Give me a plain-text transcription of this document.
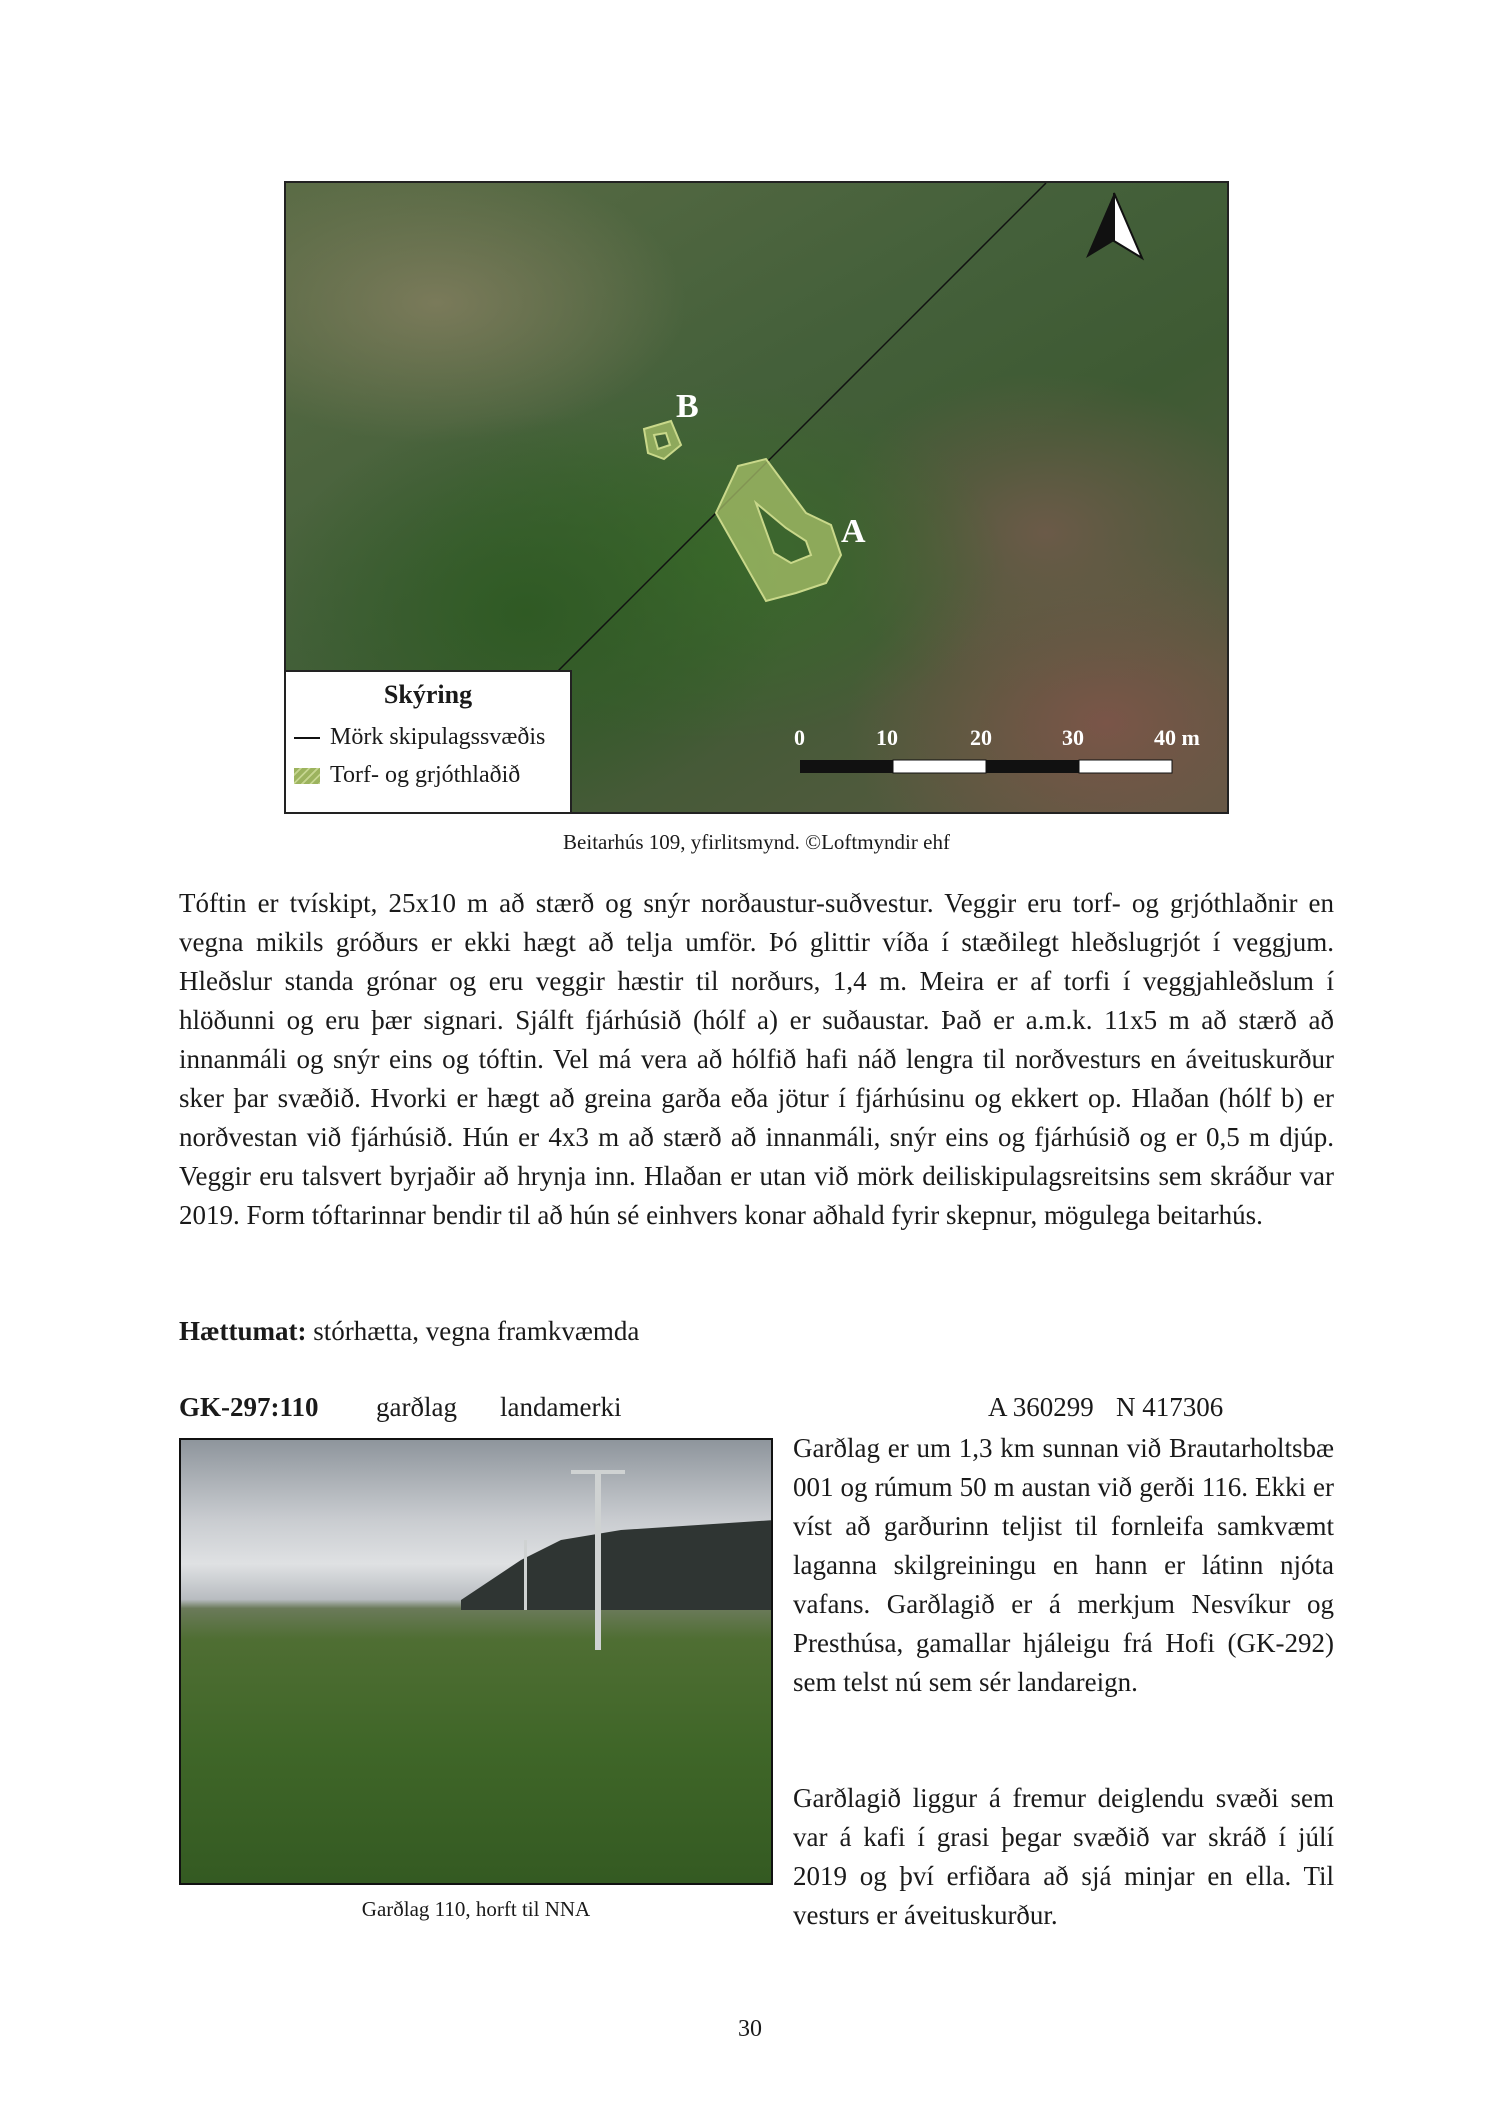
B
A
0	10	20	30	40 m
Skýring
Mörk skipulagssvæðis
Torf- og grjóthlaðið
Beitarhús 109, yfirlitsmynd. ©Loftmyndir ehf
Tóftin er tvískipt, 25x10 m að stærð og snýr norðaustur-suðvestur. Veggir eru torf- og grjóthlaðnir en vegna mikils gróðurs er ekki hægt að telja umför. Þó glittir víða í stæðilegt hleðslugrjót í veggjum. Hleðslur standa grónar og eru veggir hæstir til norðurs, 1,4 m. Meira er af torfi í veggjahleðslum í hlöðunni og eru þær signari. Sjálft fjárhúsið (hólf a) er suðaustar. Það er a.m.k. 11x5 m að stærð að innanmáli og snýr eins og tóftin. Vel má vera að hólfið hafi náð lengra til norðvesturs en áveituskurður sker þar svæðið. Hvorki er hægt að greina garða eða jötur í fjárhúsinu og ekkert op. Hlaðan (hólf b) er norðvestan við fjárhúsið. Hún er 4x3 m að stærð að innanmáli, snýr eins og fjárhúsið og er 0,5 m djúp. Veggir eru talsvert byrjaðir að hrynja inn. Hlaðan er utan við mörk deiliskipulagsreitsins sem skráður var 2019. Form tóftarinnar bendir til að hún sé einhvers konar aðhald fyrir skepnur, mögulega beitarhús.
Hættumat: stórhætta, vegna framkvæmda
GK-297:110 garðlag landamerki	A 360299 N 417306
Garðlag 110, horft til NNA
Garðlag er um 1,3 km sunnan við Brautarholtsbæ 001 og rúmum 50 m austan við gerði 116. Ekki er víst að garðurinn teljist til fornleifa samkvæmt laganna skilgreiningu en hann er látinn njóta vafans. Garðlagið er á merkjum Nesvíkur og Presthúsa, gamallar hjáleigu frá Hofi (GK-292) sem telst nú sem sér landareign.
Garðlagið liggur á fremur deiglendu svæði sem var á kafi í grasi þegar svæðið var skráð í júlí 2019 og því erfiðara að sjá minjar en ella. Til vesturs er áveituskurður.
30
